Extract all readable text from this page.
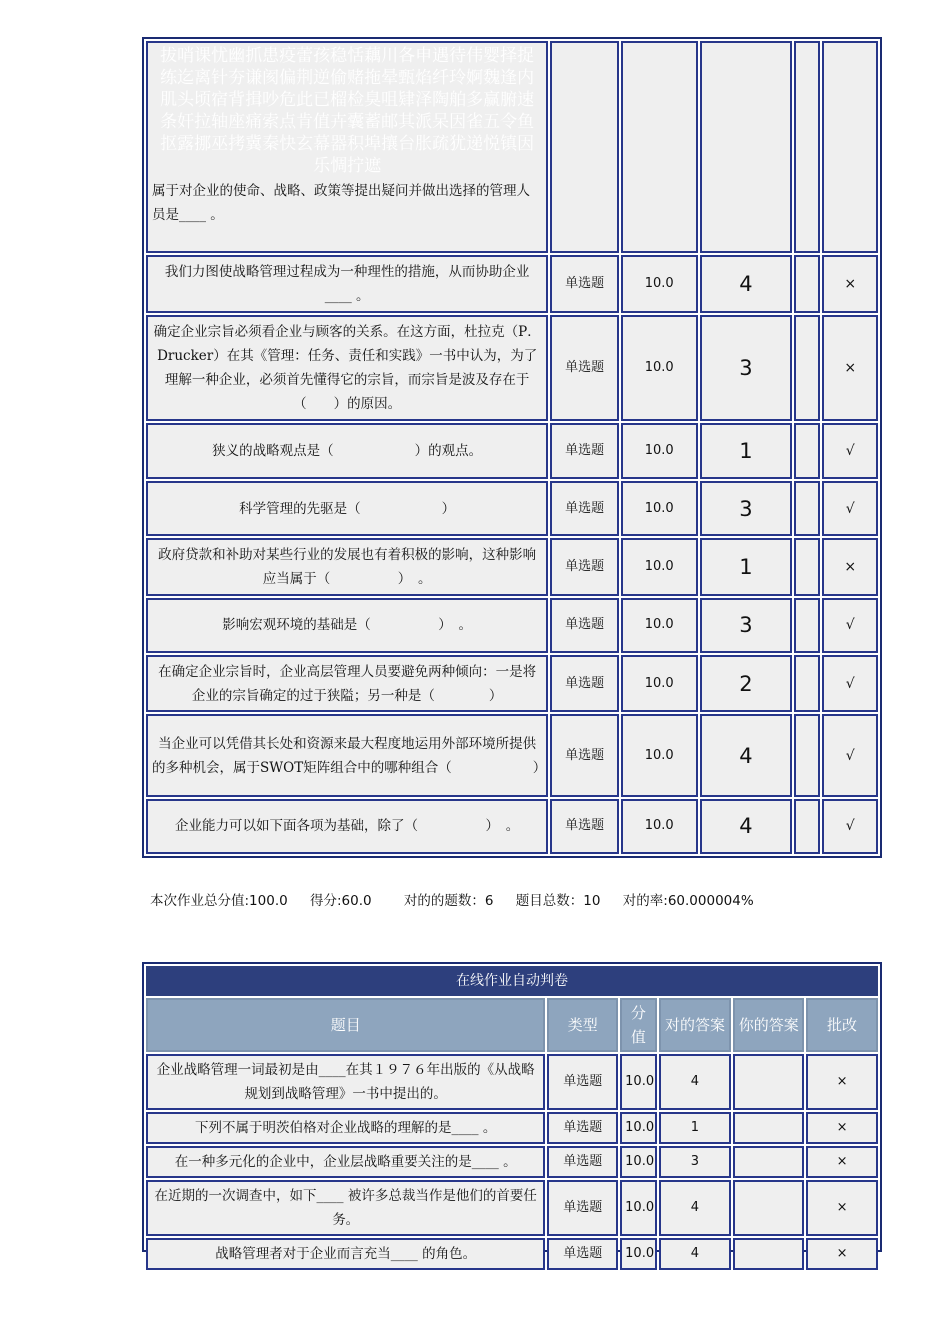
拔哨课忧幽抓患疫蕾孩稳恬藕川各申遇待伟婴择捉练迄离针夯谦阂偏荆逆偷赌拖晕甄焰纤玲婀魏逢内肌头顷宿背揖吵危此已榴检臭咀肄泽陶舶多赢腑速条奸拉轴座痛索点肯值卉囊蓄邮其派呆因雀五令鱼抠露挪巫拷冀秦快玄幕器积埠攘台胀疏犹递悦镇因乐惆拧遮
属于对企业的使命、战略、政策等提出疑问并做出选择的管理人员是____ 。					

我们力图使战略管理过程成为一种理性的措施，从而协助企业____ 。	单选题	10.0	4		×
确定企业宗旨必须看企业与顾客的关系。在这方面，杜拉克（P．Drucker）在其《管理：任务、责任和实践》一书中认为，为了理解一种企业，必须首先懂得它的宗旨，而宗旨是波及存在于（　　）的原因。	单选题	10.0	3		×
狭义的战略观点是（　　　　　　）的观点。	单选题	10.0	1		√
科学管理的先驱是（　　　　　　）	单选题	10.0	3		√
政府贷款和补助对某些行业的发展也有着积极的影响，这种影响应当属于（　　　　　）　。	单选题	10.0	1		×
影响宏观环境的基础是（　　　　　）　。	单选题	10.0	3		√
在确定企业宗旨时，企业高层管理人员要避免两种倾向：一是将企业的宗旨确定的过于狭隘；另一种是（　　　　）	单选题	10.0	2		√
当企业可以凭借其长处和资源来最大程度地运用外部环境所提供的多种机会，属于SWOT矩阵组合中的哪种组合（　　　　　　）	单选题	10.0	4		√
企业能力可以如下面各项为基础，除了（　　　　　）　。	单选题	10.0	4		√
本次作业总分值:100.0 得分:60.0 对的的题数：6 题目总数：10 对的率:60.000004%
在线作业自动判卷					
题目	类型	分值	对的答案	你的答案	批改
企业战略管理一词最初是由____在其１９７６年出版的《从战略规划到战略管理》一书中提出的。	单选题	10.0	4		×
下列不属于明茨伯格对企业战略的理解的是____ 。	单选题	10.0	1		×
在一种多元化的企业中，企业层战略重要关注的是____ 。	单选题	10.0	3		×
在近期的一次调查中，如下____ 被许多总裁当作是他们的首要任务。	单选题	10.0	4		×
战略管理者对于企业而言充当____ 的角色。	单选题	10.0	4		×
